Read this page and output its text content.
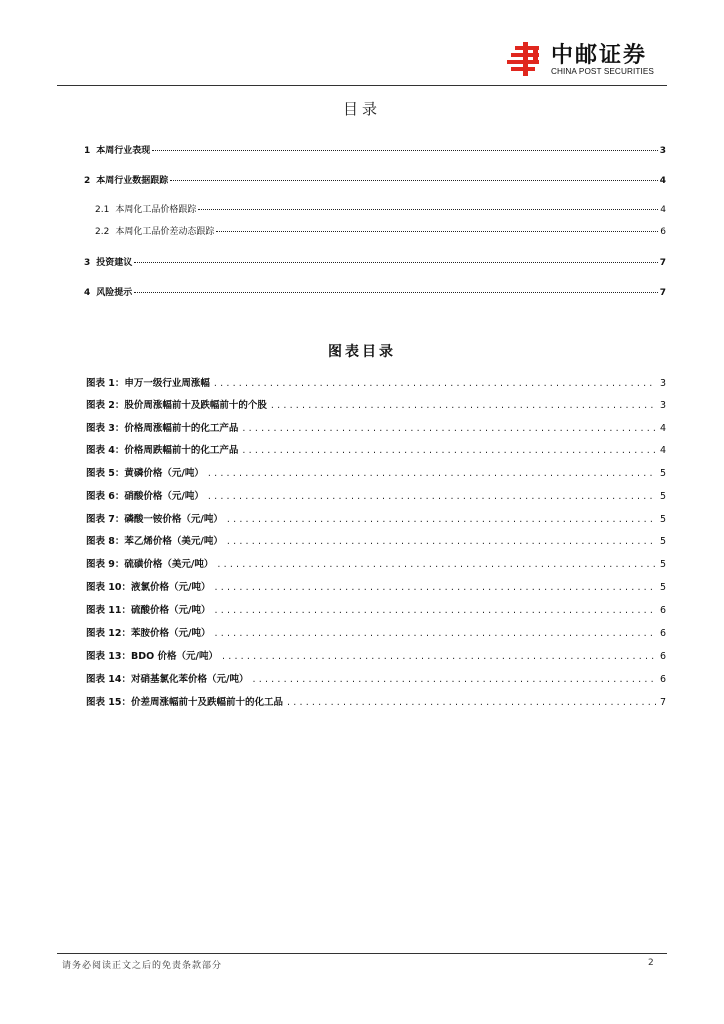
中邮证券
CHINA POST SECURITIES
目录
1 本周行业表现	3
2 本周行业数据跟踪	4
2.1 本周化工品价格跟踪	4
2.2 本周化工品价差动态跟踪	6
3 投资建议	7
4 风险提示	7
图表目录
图表 1：申万一级行业周涨幅 .....	3
图表 2：股价周涨幅前十及跌幅前十的个股 .....	3
图表 3：价格周涨幅前十的化工产品 .....	4
图表 4：价格周跌幅前十的化工产品 .....	4
图表 5：黄磷价格（元/吨） .....	5
图表 6：硝酸价格（元/吨） .....	5
图表 7：磷酸一铵价格（元/吨） .....	5
图表 8：苯乙烯价格（美元/吨） .....	5
图表 9：硫磺价格（美元/吨） .....	5
图表 10：液氯价格（元/吨） .....	5
图表 11：硫酸价格（元/吨） .....	6
图表 12：苯胺价格（元/吨） .....	6
图表 13：BDO 价格（元/吨） .....	6
图表 14：对硝基氯化苯价格（元/吨） .....	6
图表 15：价差周涨幅前十及跌幅前十的化工品 .....	7
请务必阅读正文之后的免责条款部分	2
